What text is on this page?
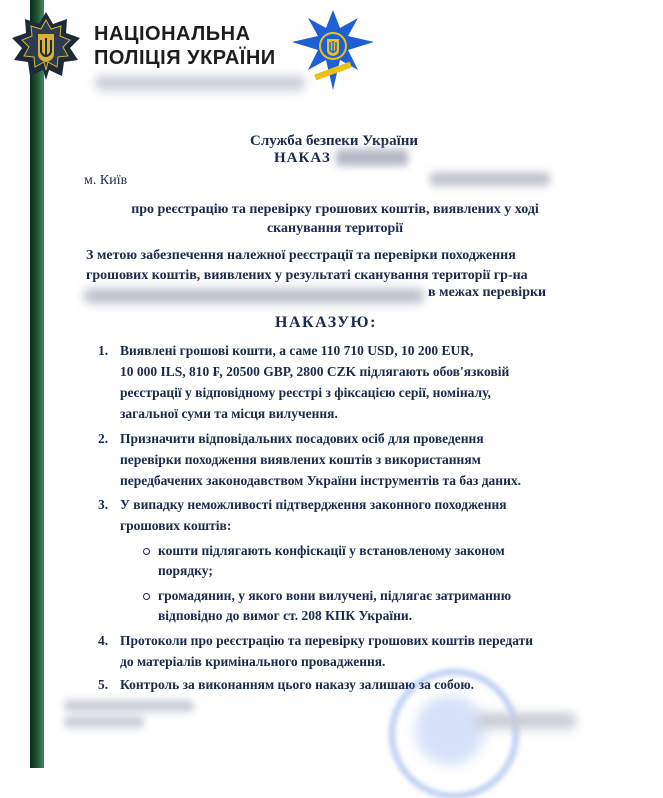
НАЦІОНАЛЬНА
ПОЛІЦІЯ УКРАЇНИ
Служба безпеки України
НАКАЗ
м. Київ
про реєстрацію та перевірку грошових коштів, виявлених у ході
сканування території
З метою забезпечення належної реєстрації та перевірки походження
грошових коштів, виявлених у результаті сканування території гр-на
в межах перевірки
НАКАЗУЮ:
1. Виявлені грошові кошти, а саме 110 710 USD, 10 200 EUR,
10 000 ILS, 810 ₣, 20500 GBP, 2800 CZK підлягають обов'язковій
реєстрації у відповідному реєстрі з фіксацією серії, номіналу,
загальної суми та місця вилучення.
2. Призначити відповідальних посадових осіб для проведення
перевірки походження виявлених коштів з використанням
передбачених законодавством України інструментів та баз даних.
3. У випадку неможливості підтвердження законного походження
грошових коштів:
кошти підлягають конфіскації у встановленому законом
порядку;
громадянин, у якого вони вилучені, підлягає затриманню
відповідно до вимог ст. 208 КПК України.
4. Протоколи про реєстрацію та перевірку грошових коштів передати
до матеріалів кримінального провадження.
5. Контроль за виконанням цього наказу залишаю за собою.
